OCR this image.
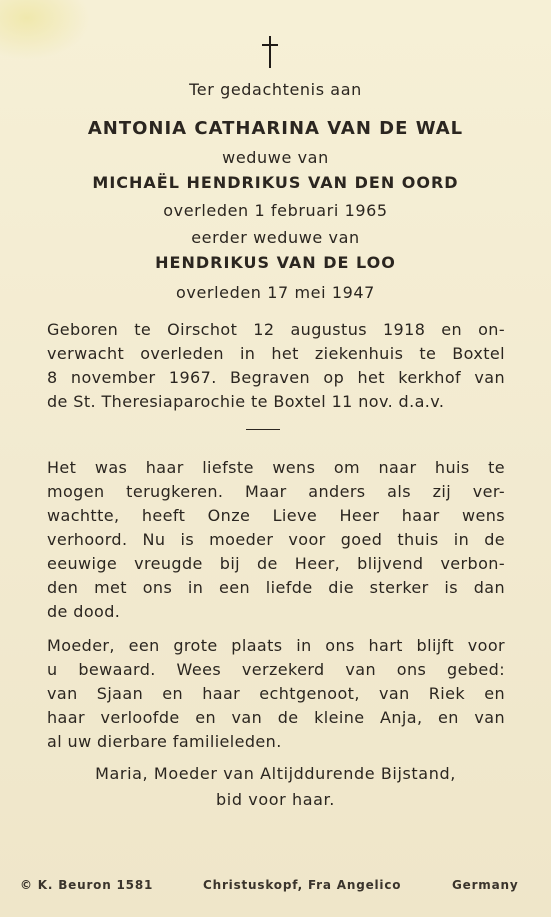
Ter gedachtenis aan
ANTONIA CATHARINA VAN DE WAL
weduwe van
MICHAËL HENDRIKUS VAN DEN OORD
overleden 1 februari 1965
eerder weduwe van
HENDRIKUS VAN DE LOO
overleden 17 mei 1947
Geboren te Oirschot 12 augustus 1918 en on-
verwacht overleden in het ziekenhuis te Boxtel
8 november 1967. Begraven op het kerkhof van
de St. Theresiaparochie te Boxtel 11 nov. d.a.v.
Het was haar liefste wens om naar huis te
mogen terugkeren. Maar anders als zij ver-
wachtte, heeft Onze Lieve Heer haar wens
verhoord. Nu is moeder voor goed thuis in de
eeuwige vreugde bij de Heer, blijvend verbon-
den met ons in een liefde die sterker is dan
de dood.
Moeder, een grote plaats in ons hart blijft voor
u bewaard. Wees verzekerd van ons gebed:
van Sjaan en haar echtgenoot, van Riek en
haar verloofde en van de kleine Anja, en van
al uw dierbare familieleden.
Maria, Moeder van Altijddurende Bijstand,
bid voor haar.
© K. Beuron 1581	Christuskopf, Fra Angelico	Germany
